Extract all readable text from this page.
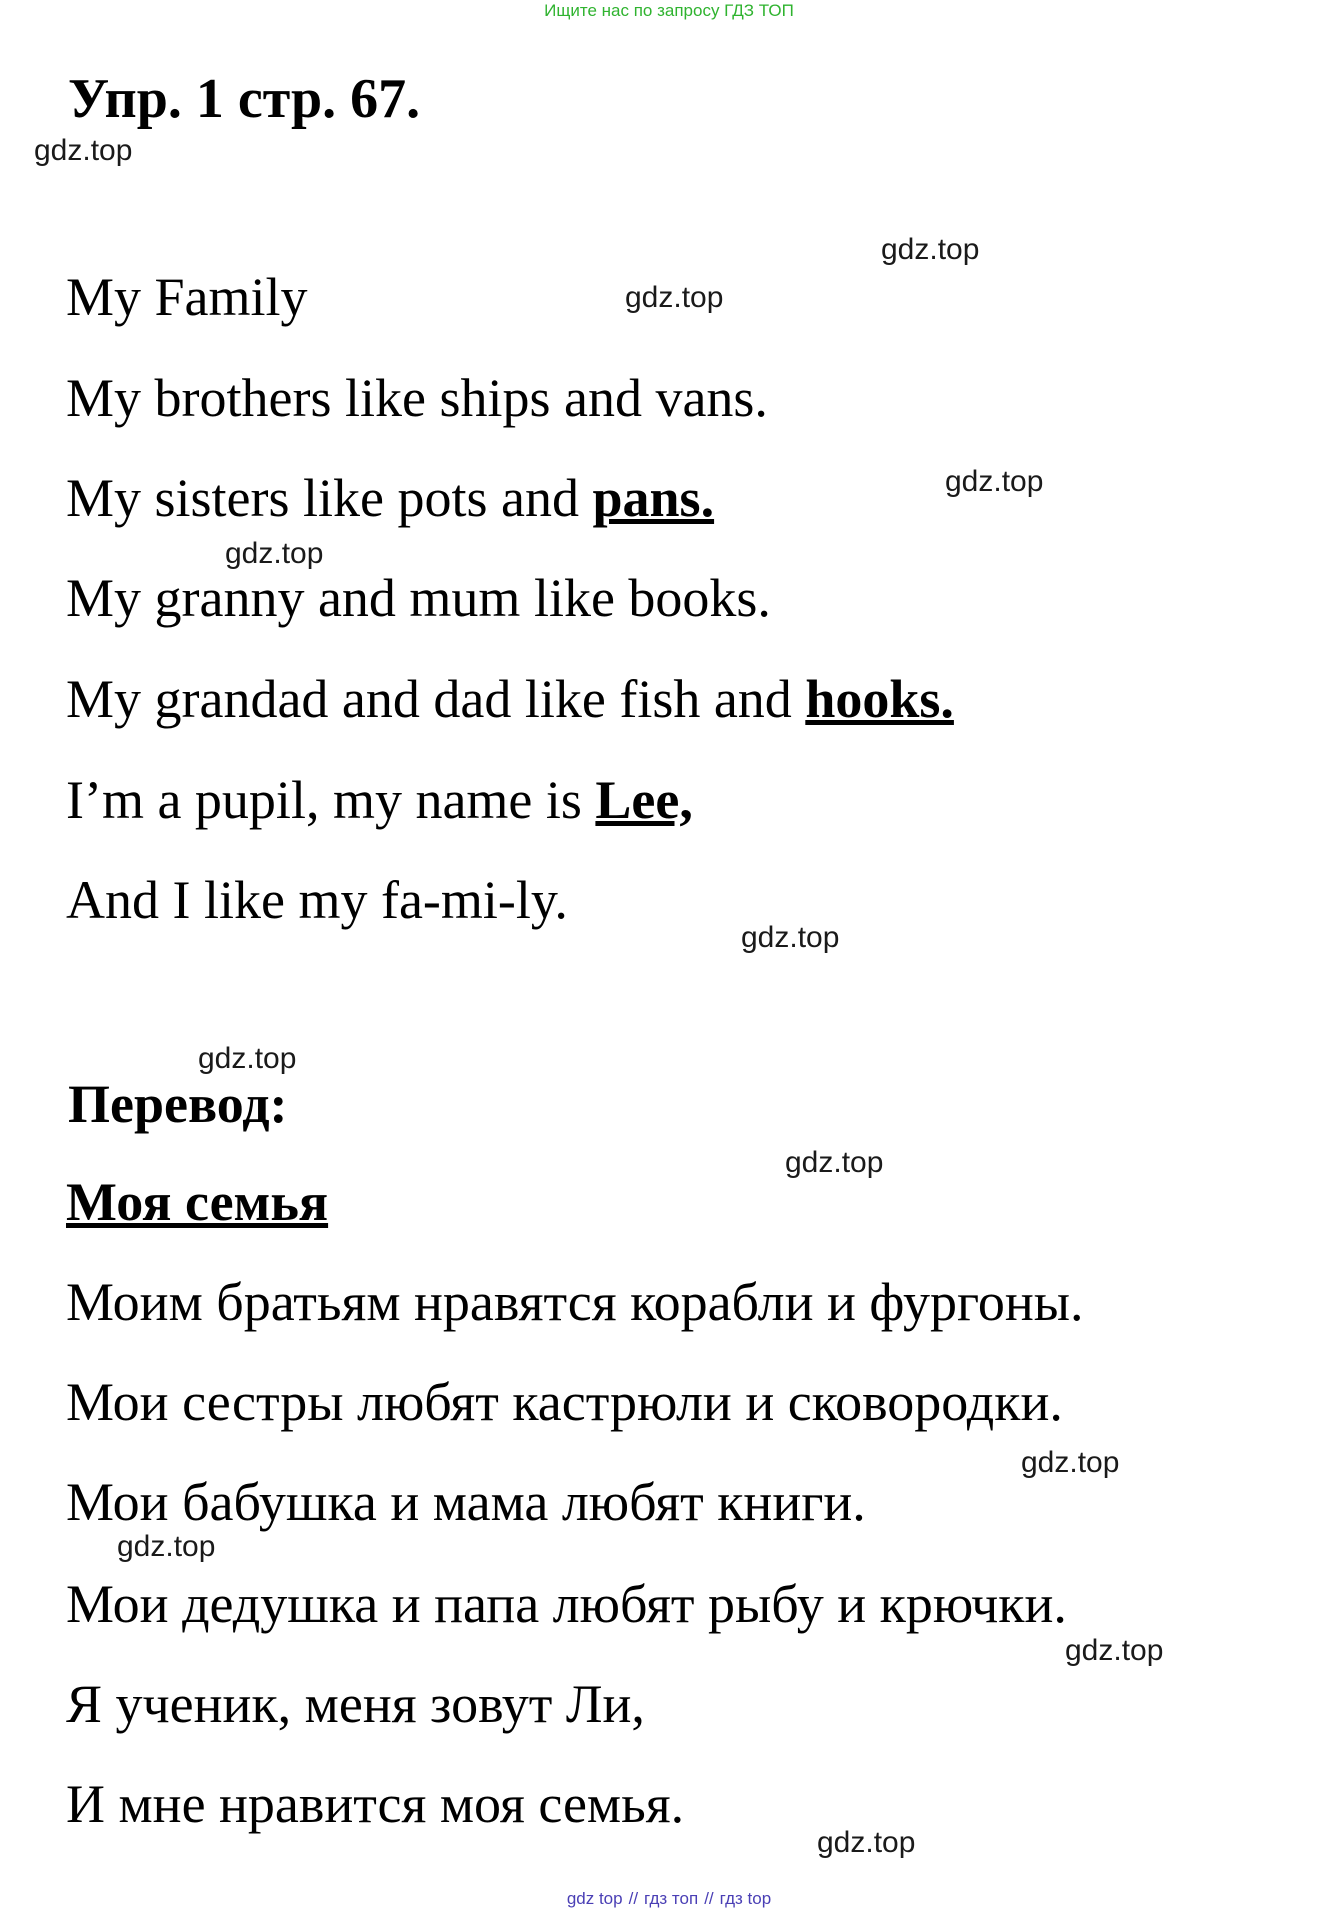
Ищите нас по запросу ГДЗ ТОП
Упр. 1 стр. 67.
My Family
My brothers like ships and vans.
My sisters like pots and pans.
My granny and mum like books.
My grandad and dad like fish and hooks.
I’m a pupil, my name is Lee,
And I like my fa-mi-ly.
Перевод:
Моя семья
Моим братьям нравятся корабли и фургоны.
Мои сестры любят кастрюли и сковородки.
Мои бабушка и мама любят книги.
Мои дедушка и папа любят рыбу и крючки.
Я ученик, меня зовут Ли,
И мне нравится моя семья.
gdz.top
gdz.top
gdz.top
gdz.top
gdz.top
gdz.top
gdz.top
gdz.top
gdz.top
gdz.top
gdz.top
gdz.top
gdz top // гдз топ // гдз top
